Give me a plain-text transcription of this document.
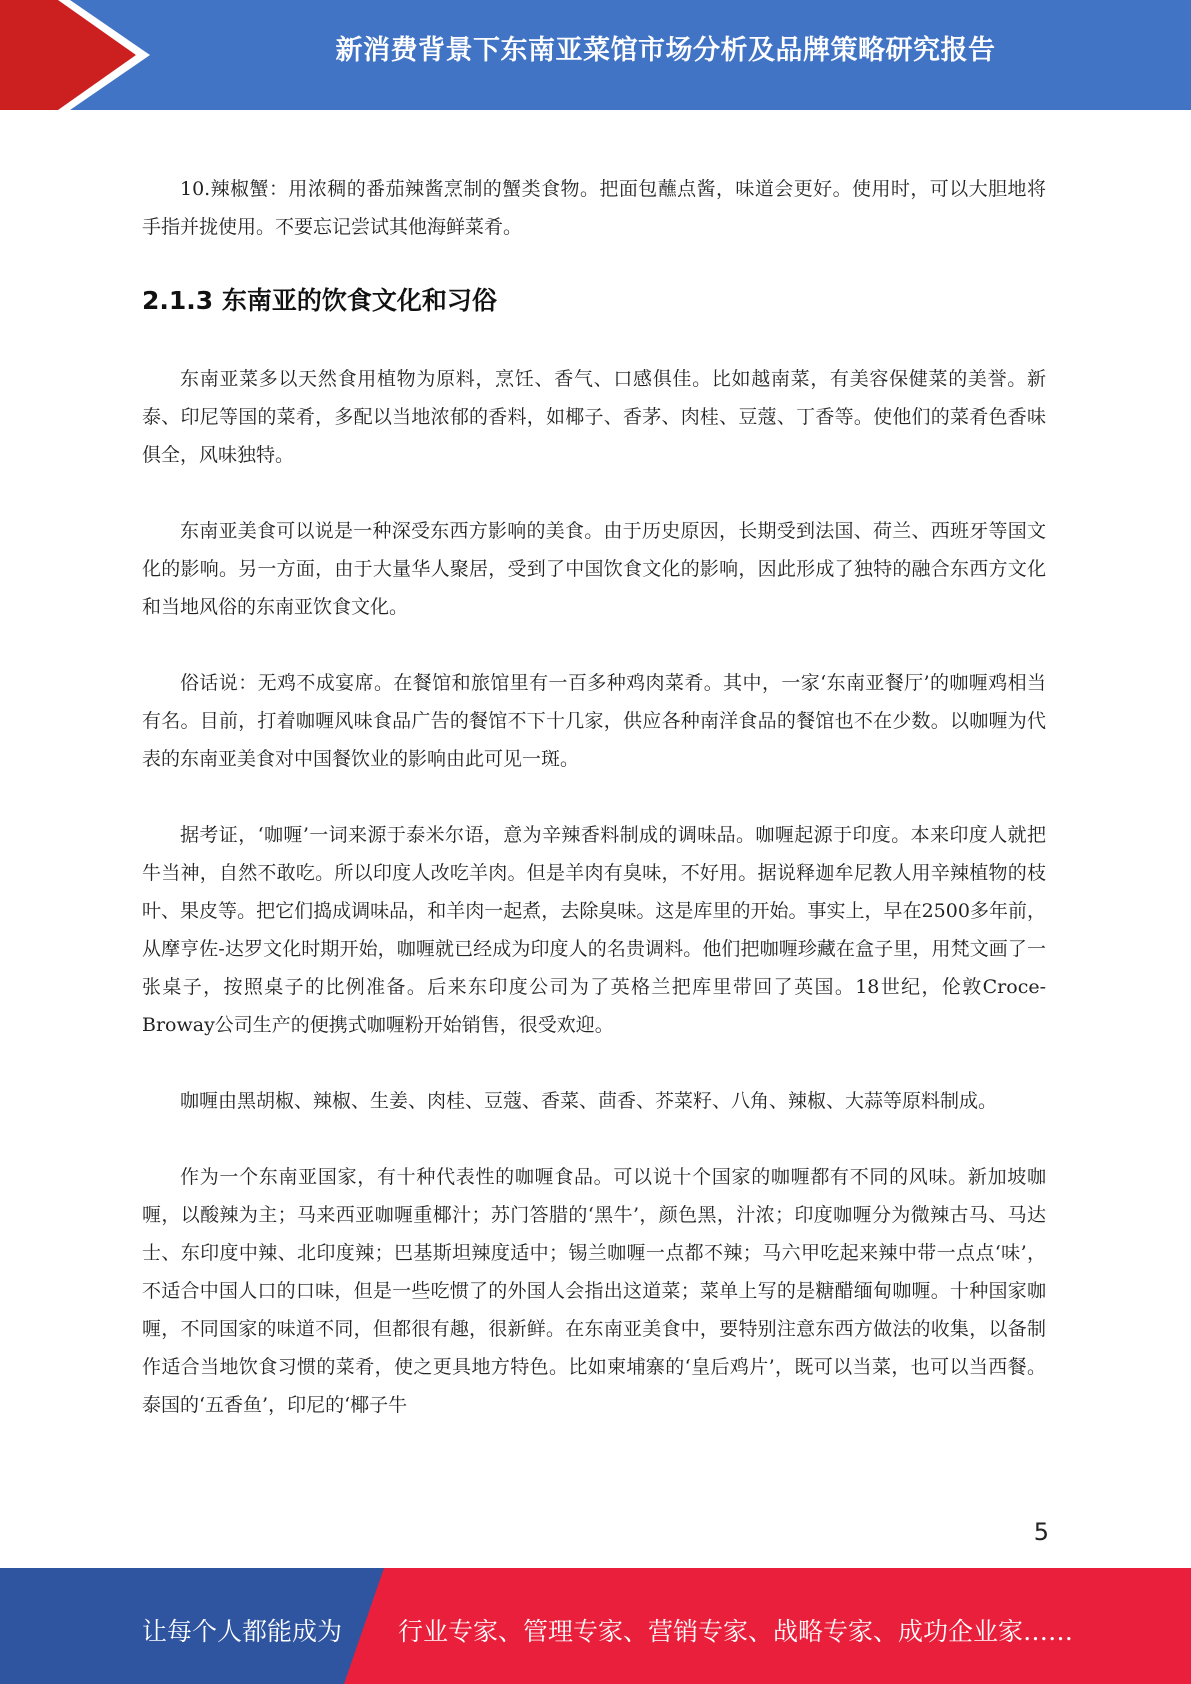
新消费背景下东南亚菜馆市场分析及品牌策略研究报告

10.辣椒蟹：用浓稠的番茄辣酱烹制的蟹类食物。把面包蘸点酱，味道会更好。使用时，可以大胆地将手指并拢使用。不要忘记尝试其他海鲜菜肴。

2.1.3 东南亚的饮食文化和习俗

东南亚菜多以天然食用植物为原料，烹饪、香气、口感俱佳。比如越南菜，有美容保健菜的美誉。新泰、印尼等国的菜肴，多配以当地浓郁的香料，如椰子、香茅、肉桂、豆蔻、丁香等。使他们的菜肴色香味俱全，风味独特。

东南亚美食可以说是一种深受东西方影响的美食。由于历史原因，长期受到法国、荷兰、西班牙等国文化的影响。另一方面，由于大量华人聚居，受到了中国饮食文化的影响，因此形成了独特的融合东西方文化和当地风俗的东南亚饮食文化。

俗话说：无鸡不成宴席。在餐馆和旅馆里有一百多种鸡肉菜肴。其中，一家‘东南亚餐厅’的咖喱鸡相当有名。目前，打着咖喱风味食品广告的餐馆不下十几家，供应各种南洋食品的餐馆也不在少数。以咖喱为代表的东南亚美食对中国餐饮业的影响由此可见一斑。

据考证，‘咖喱’一词来源于泰米尔语，意为辛辣香料制成的调味品。咖喱起源于印度。本来印度人就把牛当神，自然不敢吃。所以印度人改吃羊肉。但是羊肉有臭味，不好用。据说释迦牟尼教人用辛辣植物的枝叶、果皮等。把它们捣成调味品，和羊肉一起煮，去除臭味。这是库里的开始。事实上，早在2500多年前，从摩亨佐-达罗文化时期开始，咖喱就已经成为印度人的名贵调料。他们把咖喱珍藏在盒子里，用梵文画了一张桌子，按照桌子的比例准备。后来东印度公司为了英格兰把库里带回了英国。18世纪，伦敦Croce-Broway公司生产的便携式咖喱粉开始销售，很受欢迎。

咖喱由黑胡椒、辣椒、生姜、肉桂、豆蔻、香菜、茴香、芥菜籽、八角、辣椒、大蒜等原料制成。

作为一个东南亚国家，有十种代表性的咖喱食品。可以说十个国家的咖喱都有不同的风味。新加坡咖喱，以酸辣为主；马来西亚咖喱重椰汁；苏门答腊的‘黑牛’，颜色黑，汁浓；印度咖喱分为微辣古马、马达士、东印度中辣、北印度辣；巴基斯坦辣度适中；锡兰咖喱一点都不辣；马六甲吃起来辣中带一点点‘味’，不适合中国人口的口味，但是一些吃惯了的外国人会指出这道菜；菜单上写的是糖醋缅甸咖喱。十种国家咖喱，不同国家的味道不同，但都很有趣，很新鲜。在东南亚美食中，要特别注意东西方做法的收集，以备制作适合当地饮食习惯的菜肴，使之更具地方特色。比如柬埔寨的‘皇后鸡片’，既可以当菜，也可以当西餐。泰国的‘五香鱼’，印尼的‘椰子牛

5
让每个人都能成为 行业专家、管理专家、营销专家、战略专家、成功企业家……
